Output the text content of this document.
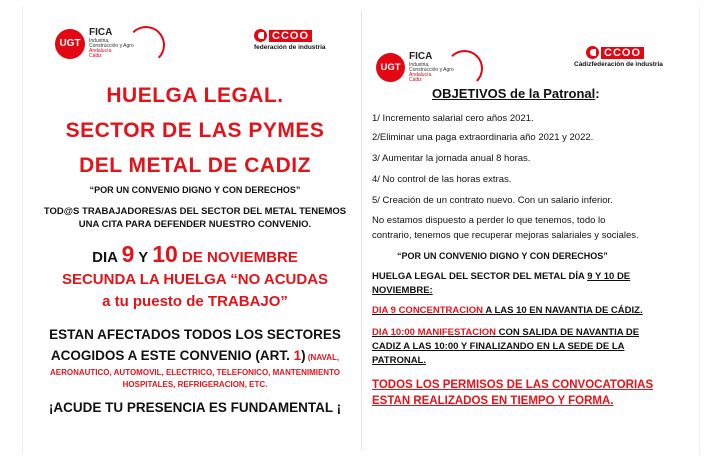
UGT
FICA
Industria,
Construcción y Agro
Andalucía
Cádiz
CCOO
federación de industria
HUELGA LEGAL.
SECTOR DE LAS PYMES
DEL METAL DE CADIZ
“POR UN CONVENIO DIGNO Y CON DERECHOS”
TOD@S TRABAJADORES/AS DEL SECTOR DEL METAL TENEMOS
UNA CITA PARA DEFENDER NUESTRO CONVENIO.
DIA 9 Y 10 DE NOVIEMBRE
SECUNDA LA HUELGA “NO ACUDAS
a tu puesto de TRABAJO”
ESTAN AFECTADOS TODOS LOS SECTORES
ACOGIDOS A ESTE CONVENIO (ART. 1) (NAVAL,
AERONAUTICO, AUTOMOVIL, ELECTRICO, TELEFONICO, MANTENIMIENTO
HOSPITALES, REFRIGERACION, ETC.
¡ACUDE TU PRESENCIA ES FUNDAMENTAL ¡
UGT
FICA
Industria,
Construcción y Agro
Andalucía
Cádiz
CCOO
Cádizfederación de industria
OBJETIVOS de la Patronal:
1/ Incremento salarial cero años 2021.
2/Eliminar una paga extraordinaria año 2021 y 2022.
3/ Aumentar la jornada anual 8 horas.
4/ No control de las horas extras.
5/ Creación de un contrato nuevo. Con un salario inferior.
No estamos dispuesto a perder lo que tenemos, todo lo
contrario, tenemos que recuperar mejoras salariales y sociales.
“POR UN CONVENIO DIGNO Y CON DERECHOS”
HUELGA LEGAL DEL SECTOR DEL METAL DÍA 9 Y 10 DE
NOVIEMBRE:
DIA 9 CONCENTRACION A LAS 10 EN NAVANTIA DE CÁDIZ.
DIA 10:00 MANIFESTACION CON SALIDA DE NAVANTIA DE
CADIZ A LAS 10:00 Y FINALIZANDO EN LA SEDE DE LA
PATRONAL.
TODOS LOS PERMISOS DE LAS CONVOCATORIAS
ESTAN REALIZADOS EN TIEMPO Y FORMA.
